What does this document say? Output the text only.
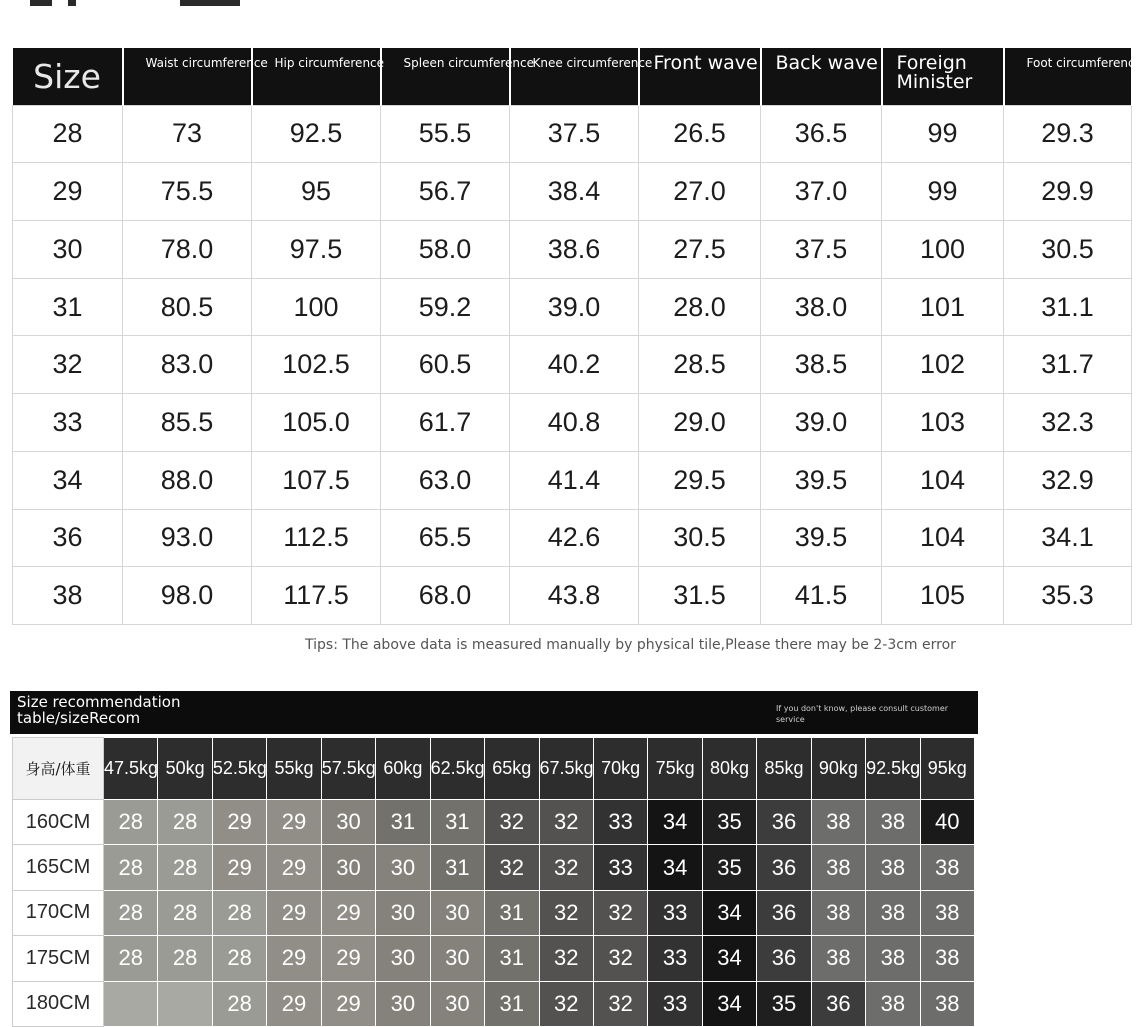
Size	Waist circumference	Hip circumference	Spleen circumference	Knee circumference	Front wave	Back wave	Foreign Minister	Foot circumference
28	73	92.5	55.5	37.5	26.5	36.5	99	29.3
29	75.5	95	56.7	38.4	27.0	37.0	99	29.9
30	78.0	97.5	58.0	38.6	27.5	37.5	100	30.5
31	80.5	100	59.2	39.0	28.0	38.0	101	31.1
32	83.0	102.5	60.5	40.2	28.5	38.5	102	31.7
33	85.5	105.0	61.7	40.8	29.0	39.0	103	32.3
34	88.0	107.5	63.0	41.4	29.5	39.5	104	32.9
36	93.0	112.5	65.5	42.6	30.5	39.5	104	34.1
38	98.0	117.5	68.0	43.8	31.5	41.5	105	35.3
Tips: The above data is measured manually by physical tile,Please there may be 2-3cm error
Size recommendation table/sizeRecom
If you don't know, please consult customer service
身高/体重	47.5kg	50kg	52.5kg	55kg	57.5kg	60kg	62.5kg	65kg	67.5kg	70kg	75kg	80kg	85kg	90kg	92.5kg	95kg
160CM	28	28	29	29	30	31	31	32	32	33	34	35	36	38	38	40
165CM	28	28	29	29	30	30	31	32	32	33	34	35	36	38	38	38
170CM	28	28	28	29	29	30	30	31	32	32	33	34	36	38	38	38
175CM	28	28	28	29	29	30	30	31	32	32	33	34	36	38	38	38
180CM			28	29	29	30	30	31	32	32	33	34	35	36	38	38
